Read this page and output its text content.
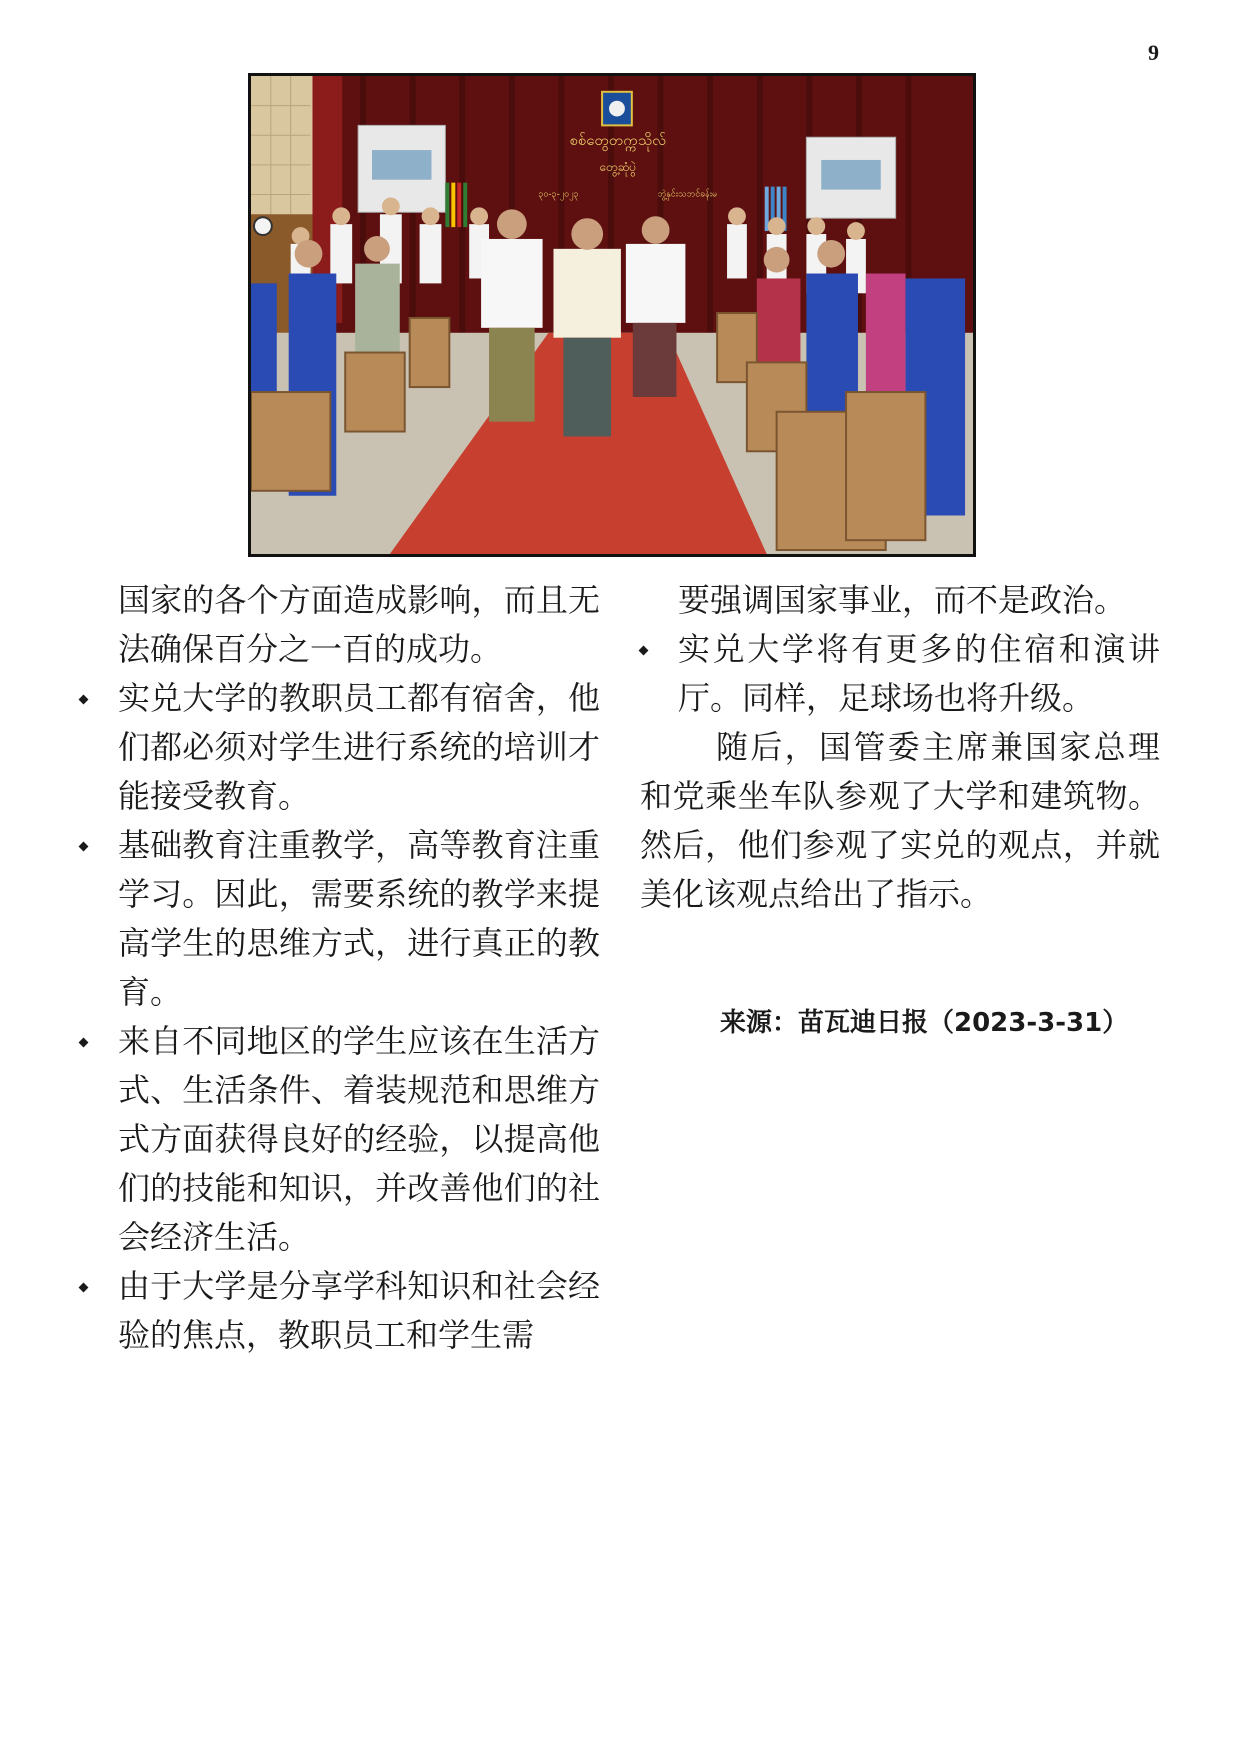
9
စစ်တွေတက္ကသိုလ်
တွေ့ဆုံပွဲ
၃၀-၃-၂၀၂၃	ဘွဲ့နှင်းသဘင်ခန်းမ

国家的各个方面造成影响，而且无法确保百分之一百的成功。

实兑大学的教职员工都有宿舍，他们都必须对学生进行系统的培训才能接受教育。
基础教育注重教学，高等教育注重学习。因此，需要系统的教学来提高学生的思维方式，进行真正的教育。
来自不同地区的学生应该在生活方式、生活条件、着装规范和思维方式方面获得良好的经验，以提高他们的技能和知识，并改善他们的社会经济生活。
由于大学是分享学科知识和社会经验的焦点，教职员工和学生需

要强调国家事业，而不是政治。

实兑大学将有更多的住宿和演讲厅。同样，足球场也将升级。

随后，国管委主席兼国家总理和党乘坐车队参观了大学和建筑物。然后，他们参观了实兑的观点，并就美化该观点给出了指示。

来源：苗瓦迪日报（2023-3-31）
